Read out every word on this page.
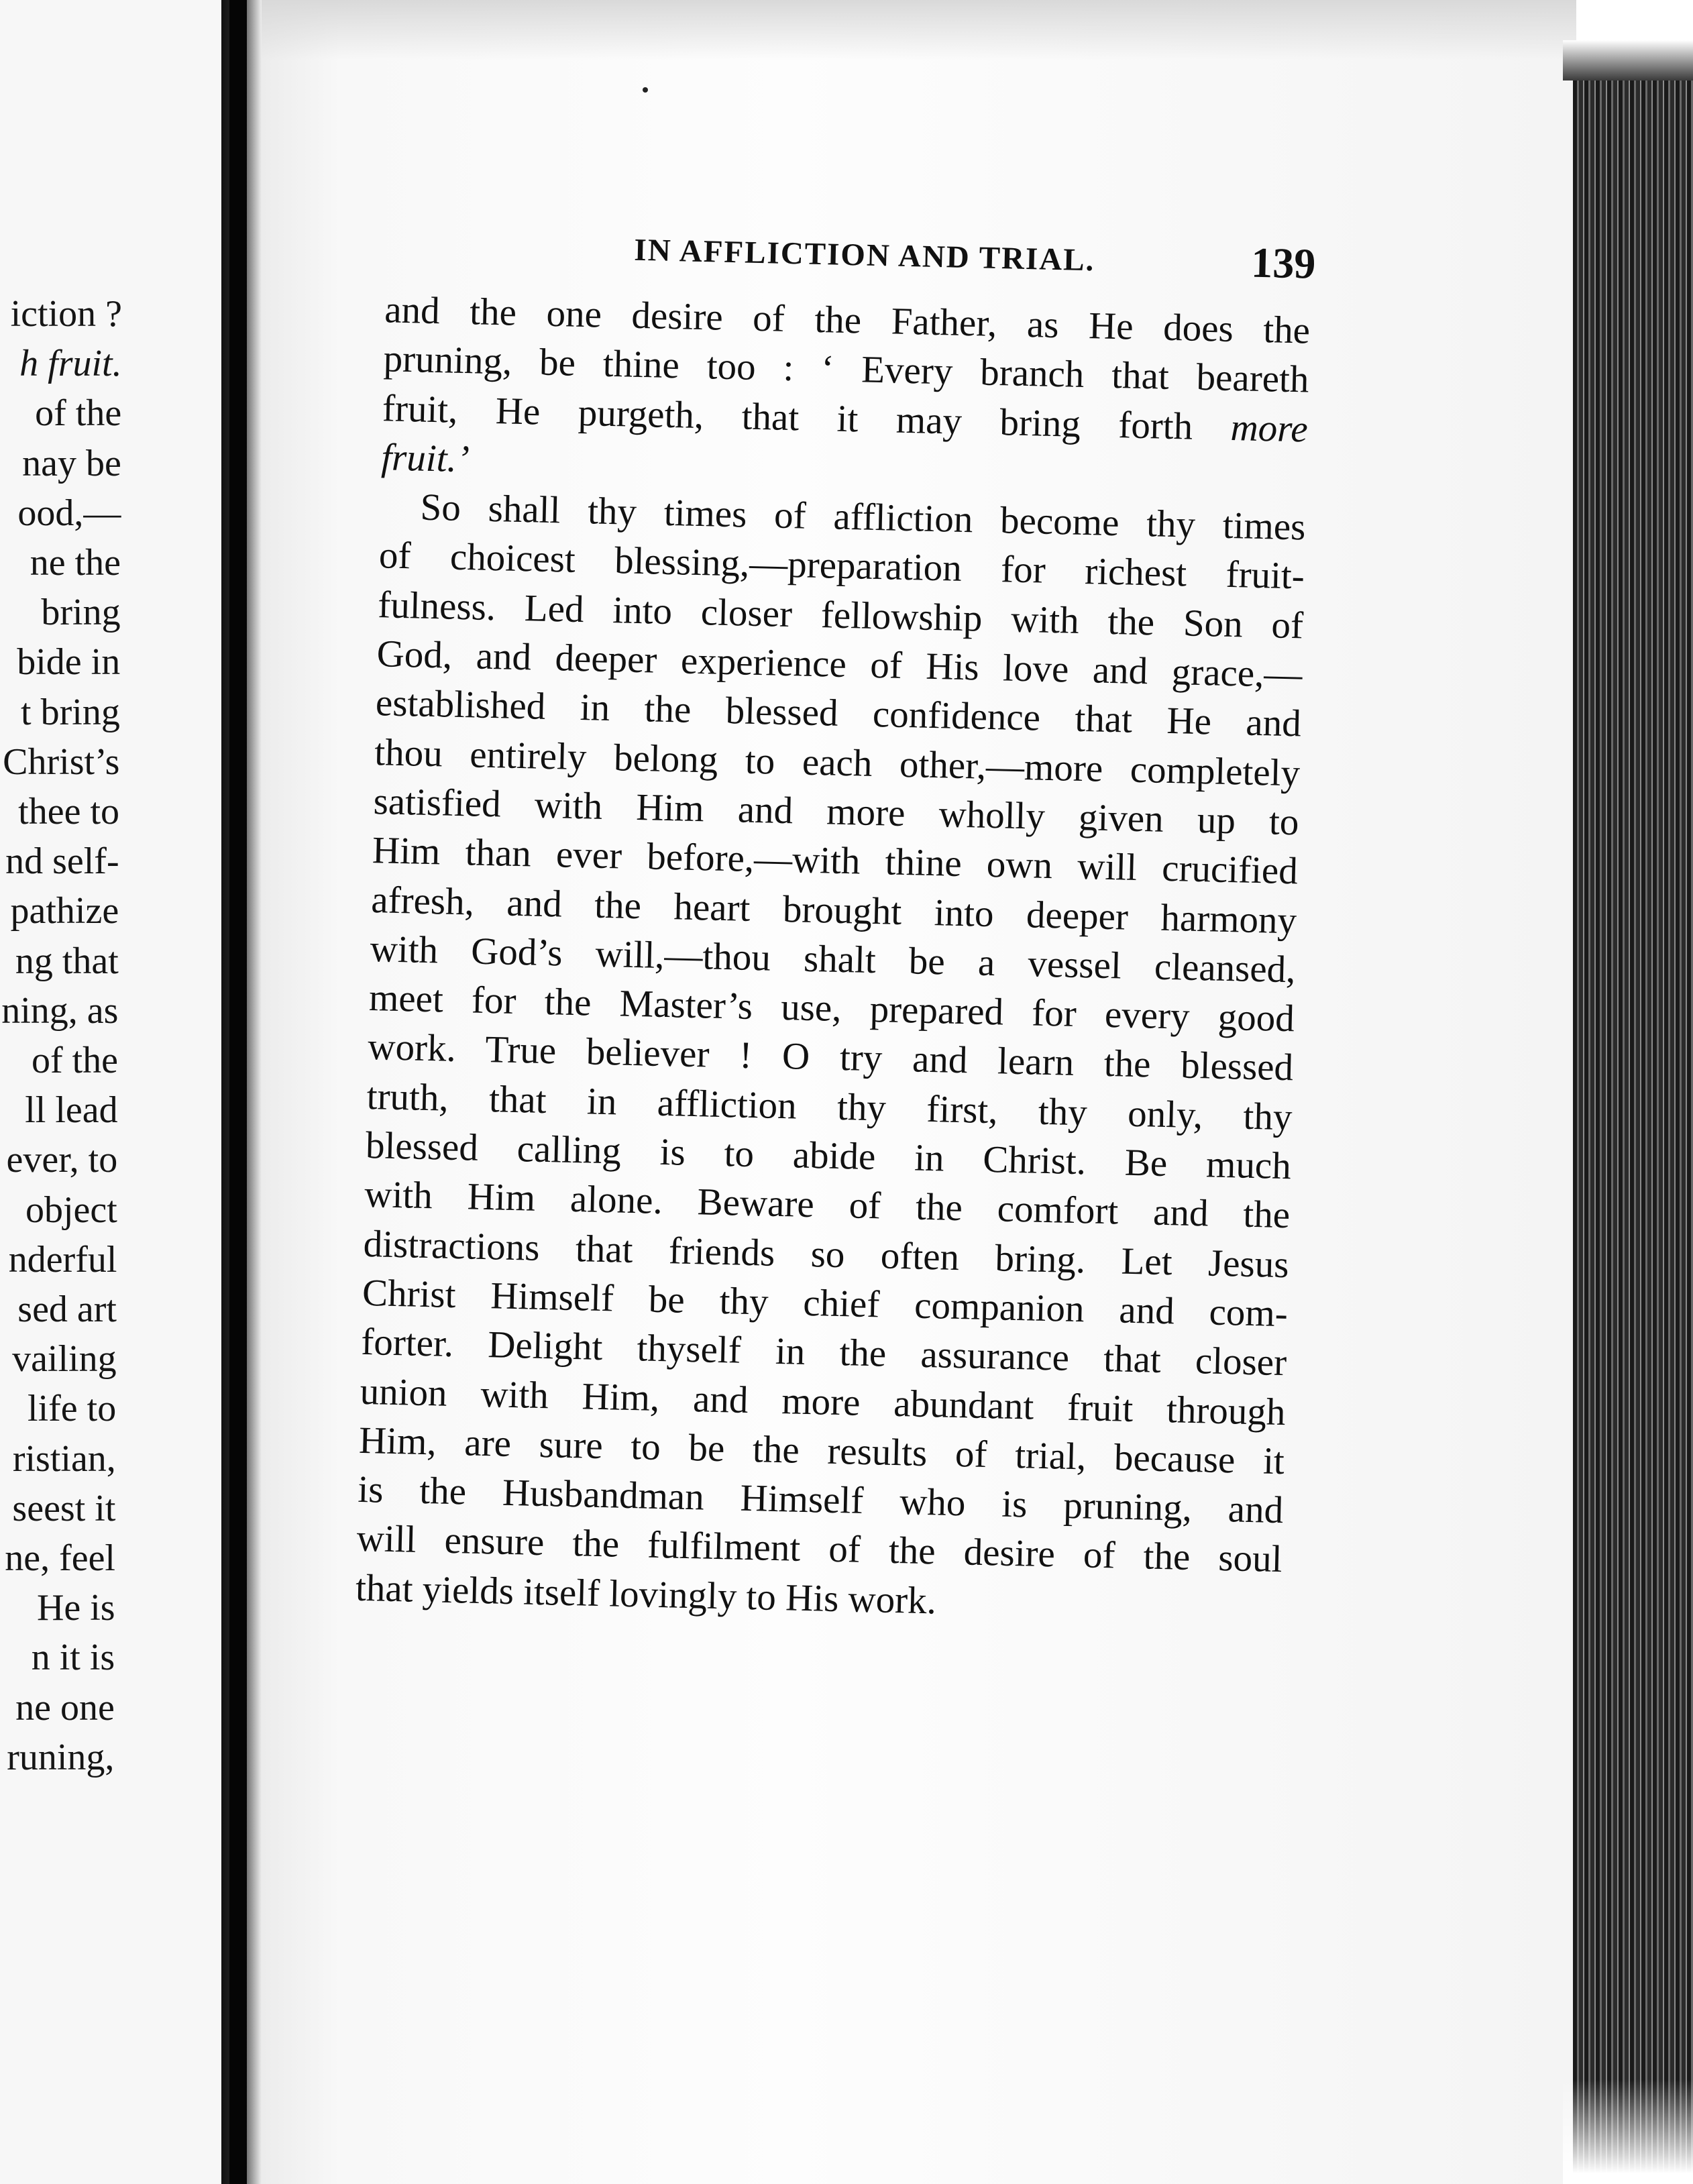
iction ?
h fruit.
of the
nay be
ood,—
ne the
bring
bide in
t bring
Christ’s
thee to
nd self-
pathize
ng that
ning, as
of the
ll lead
ever, to
object
nderful
sed art
vailing
life to
ristian,
seest it
ne, feel
He is
n it is
ne one
runing,
IN AFFLICTION AND TRIAL.	139
and the one desire of the Father, as He does the
pruning, be thine too : ‘ Every branch that beareth
fruit, He purgeth, that it may bring forth more
fruit.’
So shall thy times of affliction become thy times
of choicest blessing,—preparation for richest fruit-
fulness. Led into closer fellowship with the Son of
God, and deeper experience of His love and grace,—
established in the blessed confidence that He and
thou entirely belong to each other,—more completely
satisfied with Him and more wholly given up to
Him than ever before,—with thine own will crucified
afresh, and the heart brought into deeper harmony
with God’s will,—thou shalt be a vessel cleansed,
meet for the Master’s use, prepared for every good
work. True believer ! O try and learn the blessed
truth, that in affliction thy first, thy only, thy
blessed calling is to abide in Christ. Be much
with Him alone. Beware of the comfort and the
distractions that friends so often bring. Let Jesus
Christ Himself be thy chief companion and com-
forter. Delight thyself in the assurance that closer
union with Him, and more abundant fruit through
Him, are sure to be the results of trial, because it
is the Husbandman Himself who is pruning, and
will ensure the fulfilment of the desire of the soul
that yields itself lovingly to His work.
